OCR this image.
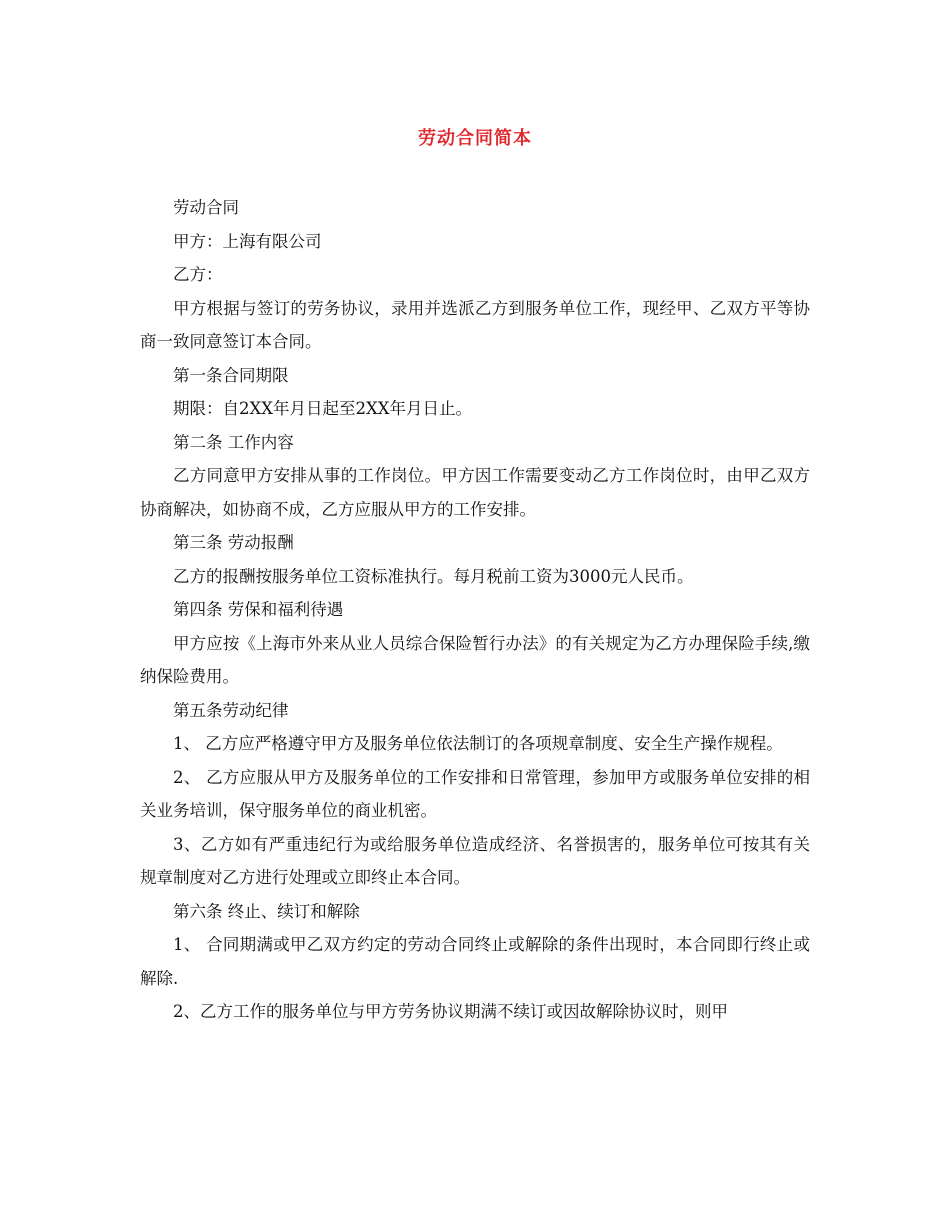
劳动合同简本

劳动合同

甲方：上海有限公司

乙方：

甲方根据与签订的劳务协议，录用并选派乙方到服务单位工作，现经甲、乙双方平等协商一致同意签订本合同。

第一条合同期限

期限：自2XX年月日起至2XX年月日止。

第二条 工作内容

乙方同意甲方安排从事的工作岗位。甲方因工作需要变动乙方工作岗位时，由甲乙双方协商解决，如协商不成，乙方应服从甲方的工作安排。

第三条 劳动报酬

乙方的报酬按服务单位工资标准执行。每月税前工资为3000元人民币。

第四条 劳保和福利待遇

甲方应按《上海市外来从业人员综合保险暂行办法》的有关规定为乙方办理保险手续,缴纳保险费用。

第五条劳动纪律

1、 乙方应严格遵守甲方及服务单位依法制订的各项规章制度、安全生产操作规程。

2、 乙方应服从甲方及服务单位的工作安排和日常管理，参加甲方或服务单位安排的相关业务培训，保守服务单位的商业机密。

3、乙方如有严重违纪行为或给服务单位造成经济、名誉损害的，服务单位可按其有关规章制度对乙方进行处理或立即终止本合同。

第六条 终止、续订和解除

1、 合同期满或甲乙双方约定的劳动合同终止或解除的条件出现时，本合同即行终止或解除.

2、乙方工作的服务单位与甲方劳务协议期满不续订或因故解除协议时，则甲
